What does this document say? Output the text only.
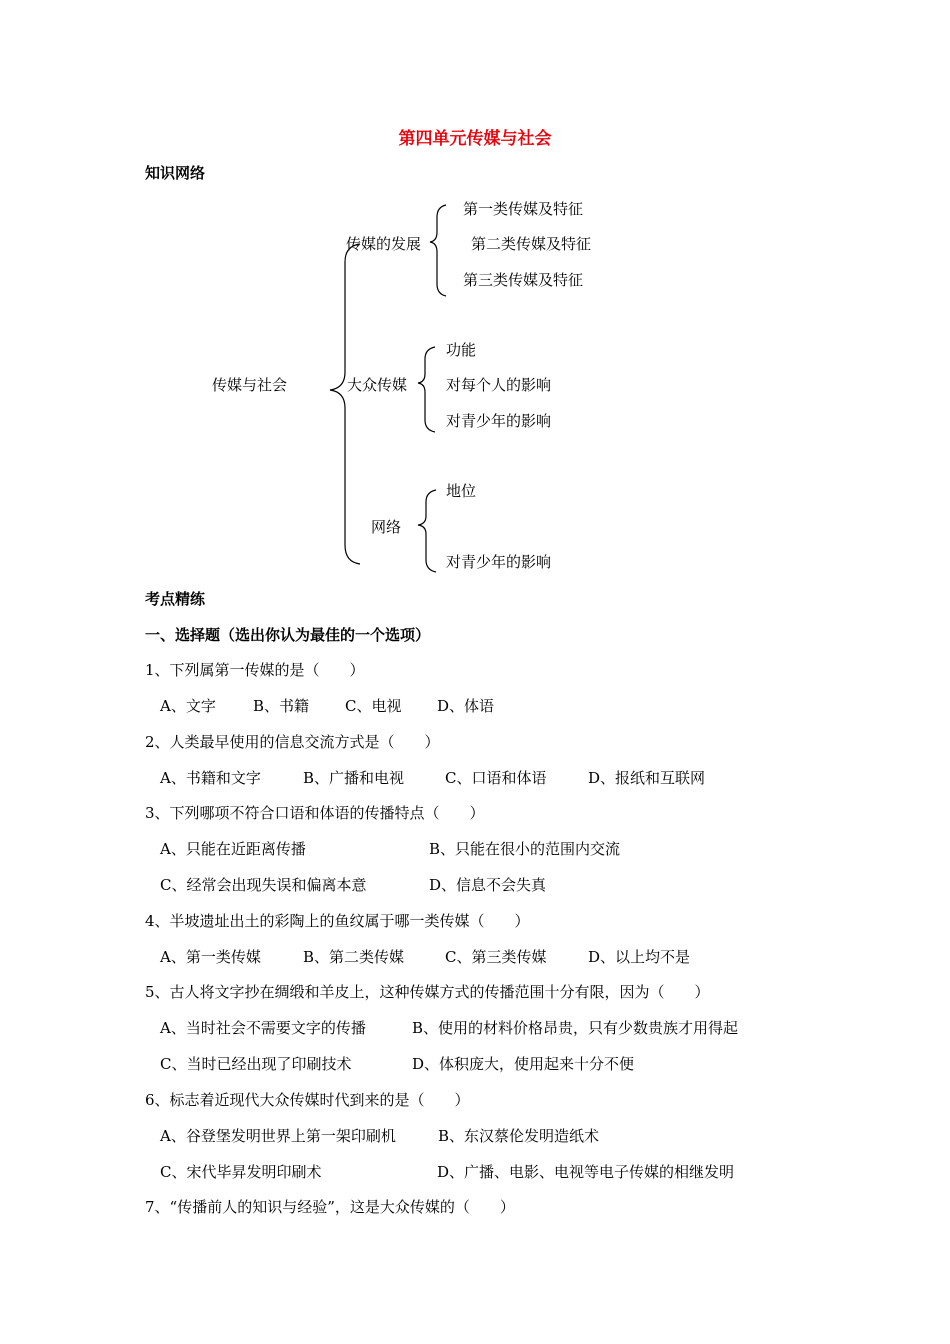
第四单元传媒与社会
知识网络
传媒与社会
传媒的发展
第一类传媒及特征
第二类传媒及特征
第三类传媒及特征
大众传媒
功能
对每个人的影响
对青少年的影响
网络
地位
对青少年的影响
考点精练
一、选择题（选出你认为最佳的一个选项）
1、下列属第一传媒的是（　　）
A、文字 B、书籍 C、电视 D、体语
2、人类最早使用的信息交流方式是（　　）
A、书籍和文字	B、广播和电视	C、口语和体语	D、报纸和互联网
3、下列哪项不符合口语和体语的传播特点（　　）
A、只能在近距离传播	B、只能在很小的范围内交流
C、经常会出现失误和偏离本意	D、信息不会失真
4、半坡遗址出土的彩陶上的鱼纹属于哪一类传媒（　　）
A、第一类传媒	B、第二类传媒	C、第三类传媒	D、以上均不是
5、古人将文字抄在绸缎和羊皮上，这种传媒方式的传播范围十分有限，因为（　　）
A、当时社会不需要文字的传播	B、使用的材料价格昂贵，只有少数贵族才用得起
C、当时已经出现了印刷技术	D、体积庞大，使用起来十分不便
6、标志着近现代大众传媒时代到来的是（　　）
A、谷登堡发明世界上第一架印刷机	B、东汉蔡伦发明造纸术
C、宋代毕昇发明印刷术	D、广播、电影、电视等电子传媒的相继发明
7、“传播前人的知识与经验”，这是大众传媒的（　　）
